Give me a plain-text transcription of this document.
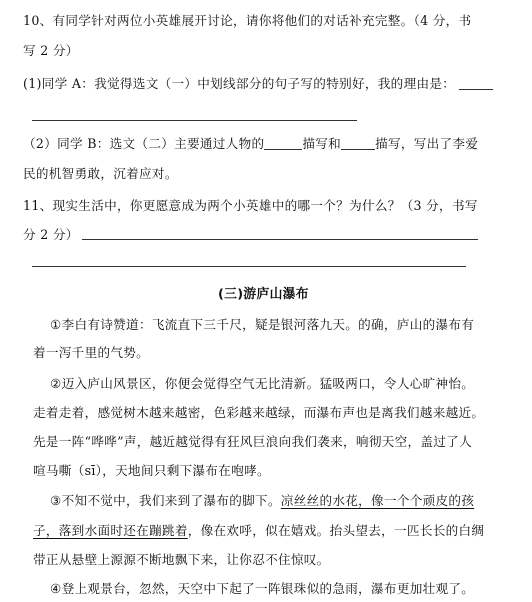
10、有同学针对两位小英雄展开讨论，请你将他们的对话补充完整。（4 分，书
写 2 分）
(1)同学 A：我觉得选文（一）中划线部分的句子写的特别好，我的理由是：
（2）同学 B：选文（二）主要通过人物的	描写和	描写，写出了李爱
民的机智勇敢，沉着应对。
11、现实生活中，你更愿意成为两个小英雄中的哪一个？为什么？（3 分，书写
分 2 分）
(三)游庐山瀑布
①李白有诗赞道：飞流直下三千尺，疑是银河落九天。的确，庐山的瀑布有
着一泻千里的气势。
②迈入庐山风景区，你便会觉得空气无比清新。猛吸两口，令人心旷神怡。
走着走着，感觉树木越来越密，色彩越来越绿，而瀑布声也是离我们越来越近。
先是一阵“哗哗”声，越近越觉得有狂风巨浪向我们袭来，响彻天空，盖过了人
喧马嘶（sī），天地间只剩下瀑布在咆哮。
③不知不觉中，我们来到了瀑布的脚下。凉丝丝的水花，像一个个顽皮的孩
子，落到水面时还在蹦跳着，像在欢呼，似在嬉戏。抬头望去，一匹长长的白绸
带正从悬壁上源源不断地飘下来，让你忍不住惊叹。
④登上观景台，忽然，天空中下起了一阵银珠似的急雨，瀑布更加壮观了。
